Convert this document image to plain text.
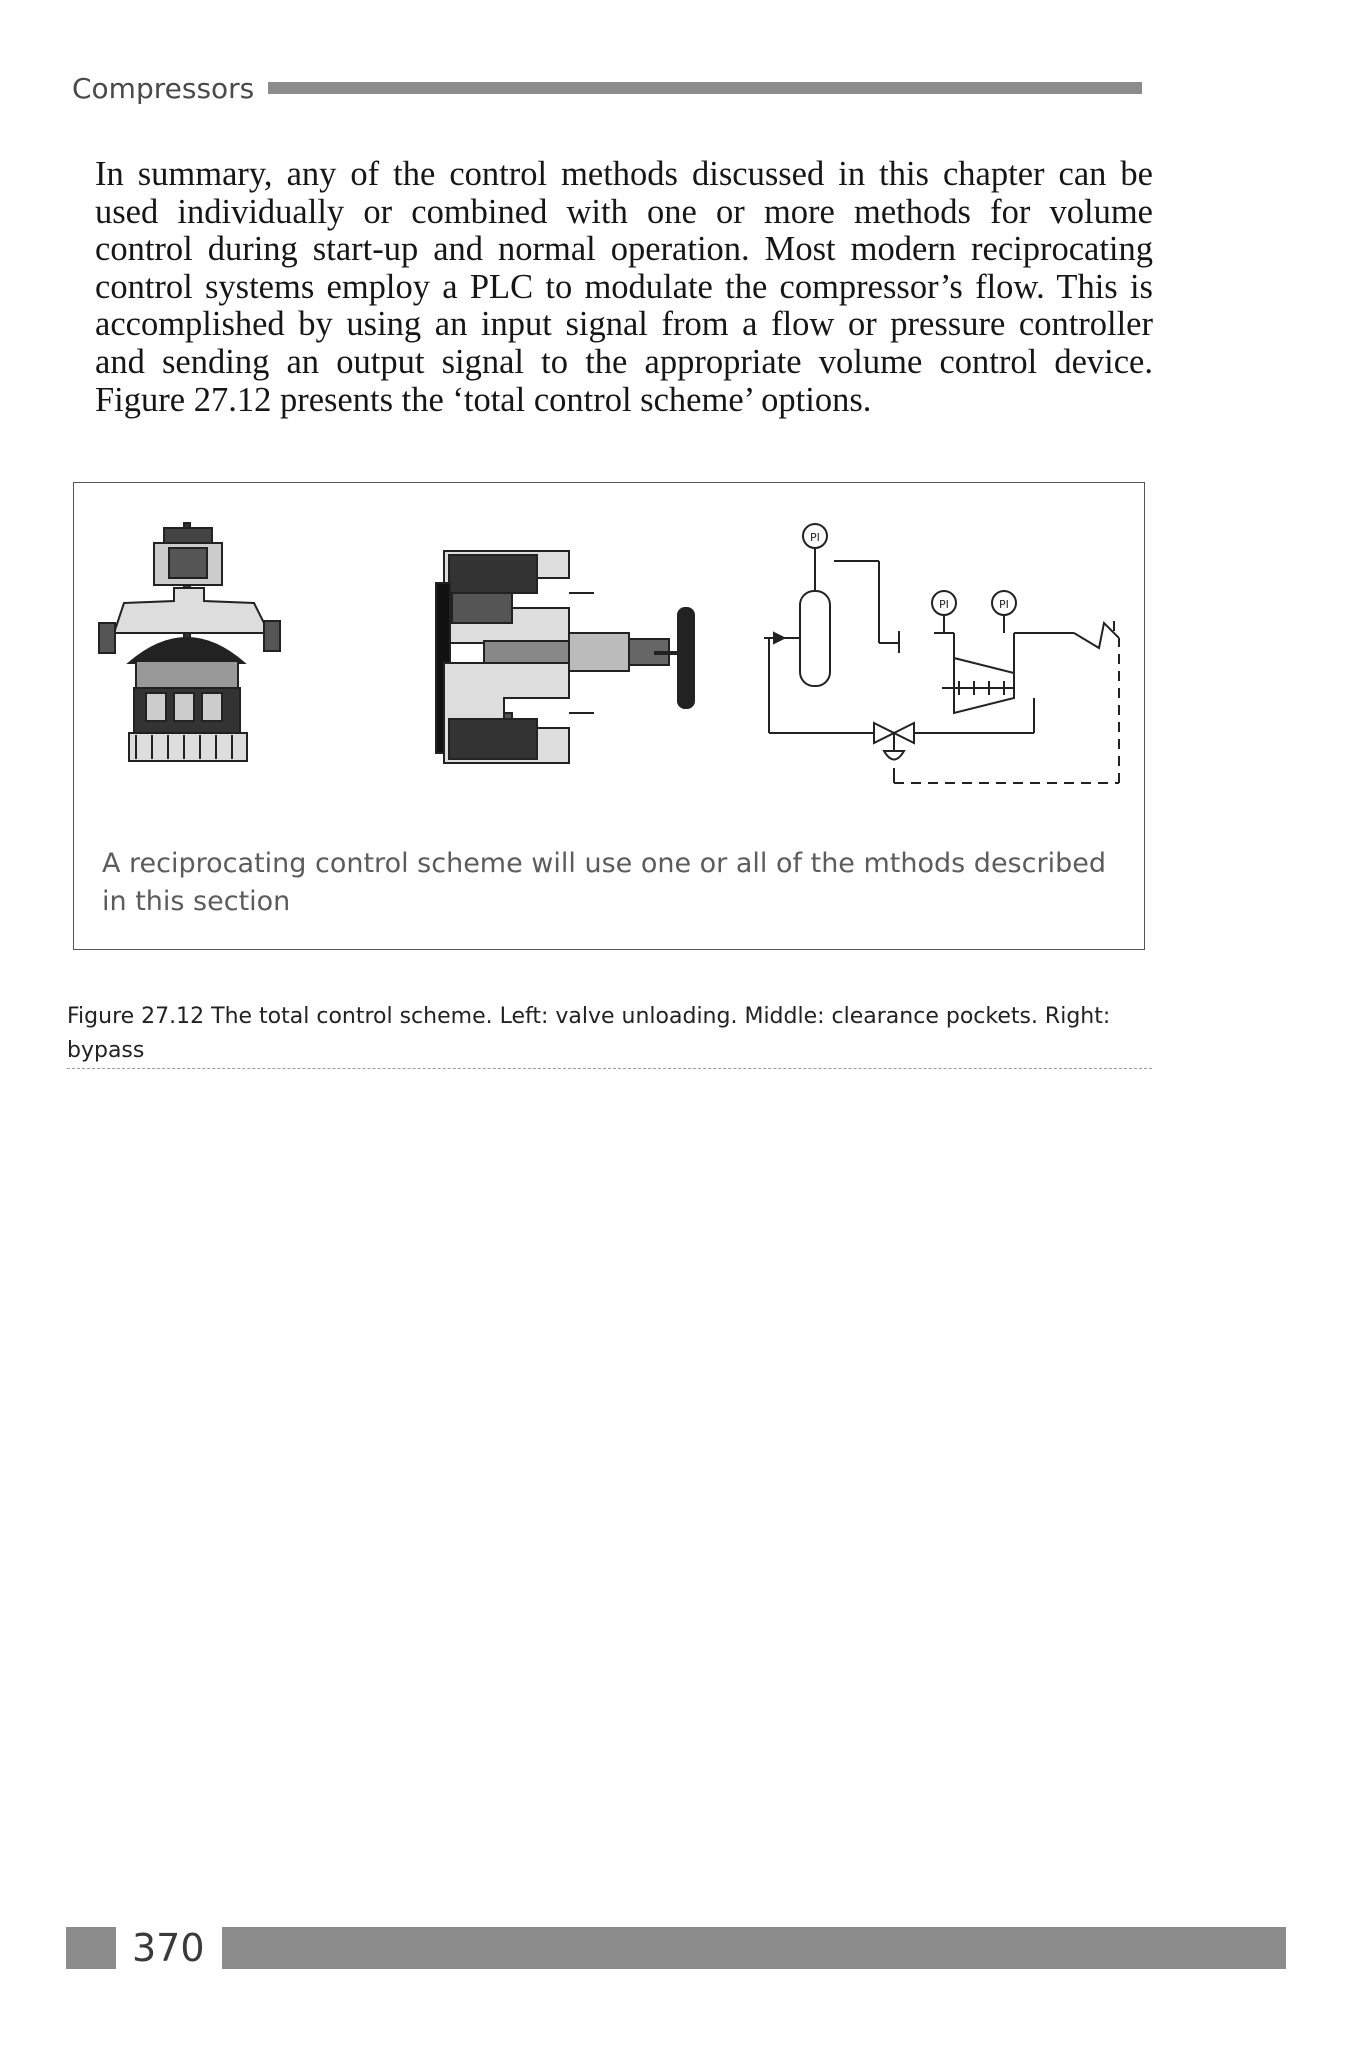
Compressors

In summary, any of the control methods discussed in this chapter can be used individually or combined with one or more methods for volume control during start-up and normal operation. Most modern reciprocating control systems employ a PLC to modulate the compressor’s flow. This is accomplished by using an input signal from a flow or pressure controller and sending an output signal to the appropriate volume control device. Figure 27.12 presents the ‘total control scheme’ options.

PI
PI	PI

A reciprocating control scheme will use one or all of the mthods described in this section

Figure 27.12 The total control scheme. Left: valve unloading. Middle: clearance pockets. Right: bypass

370
